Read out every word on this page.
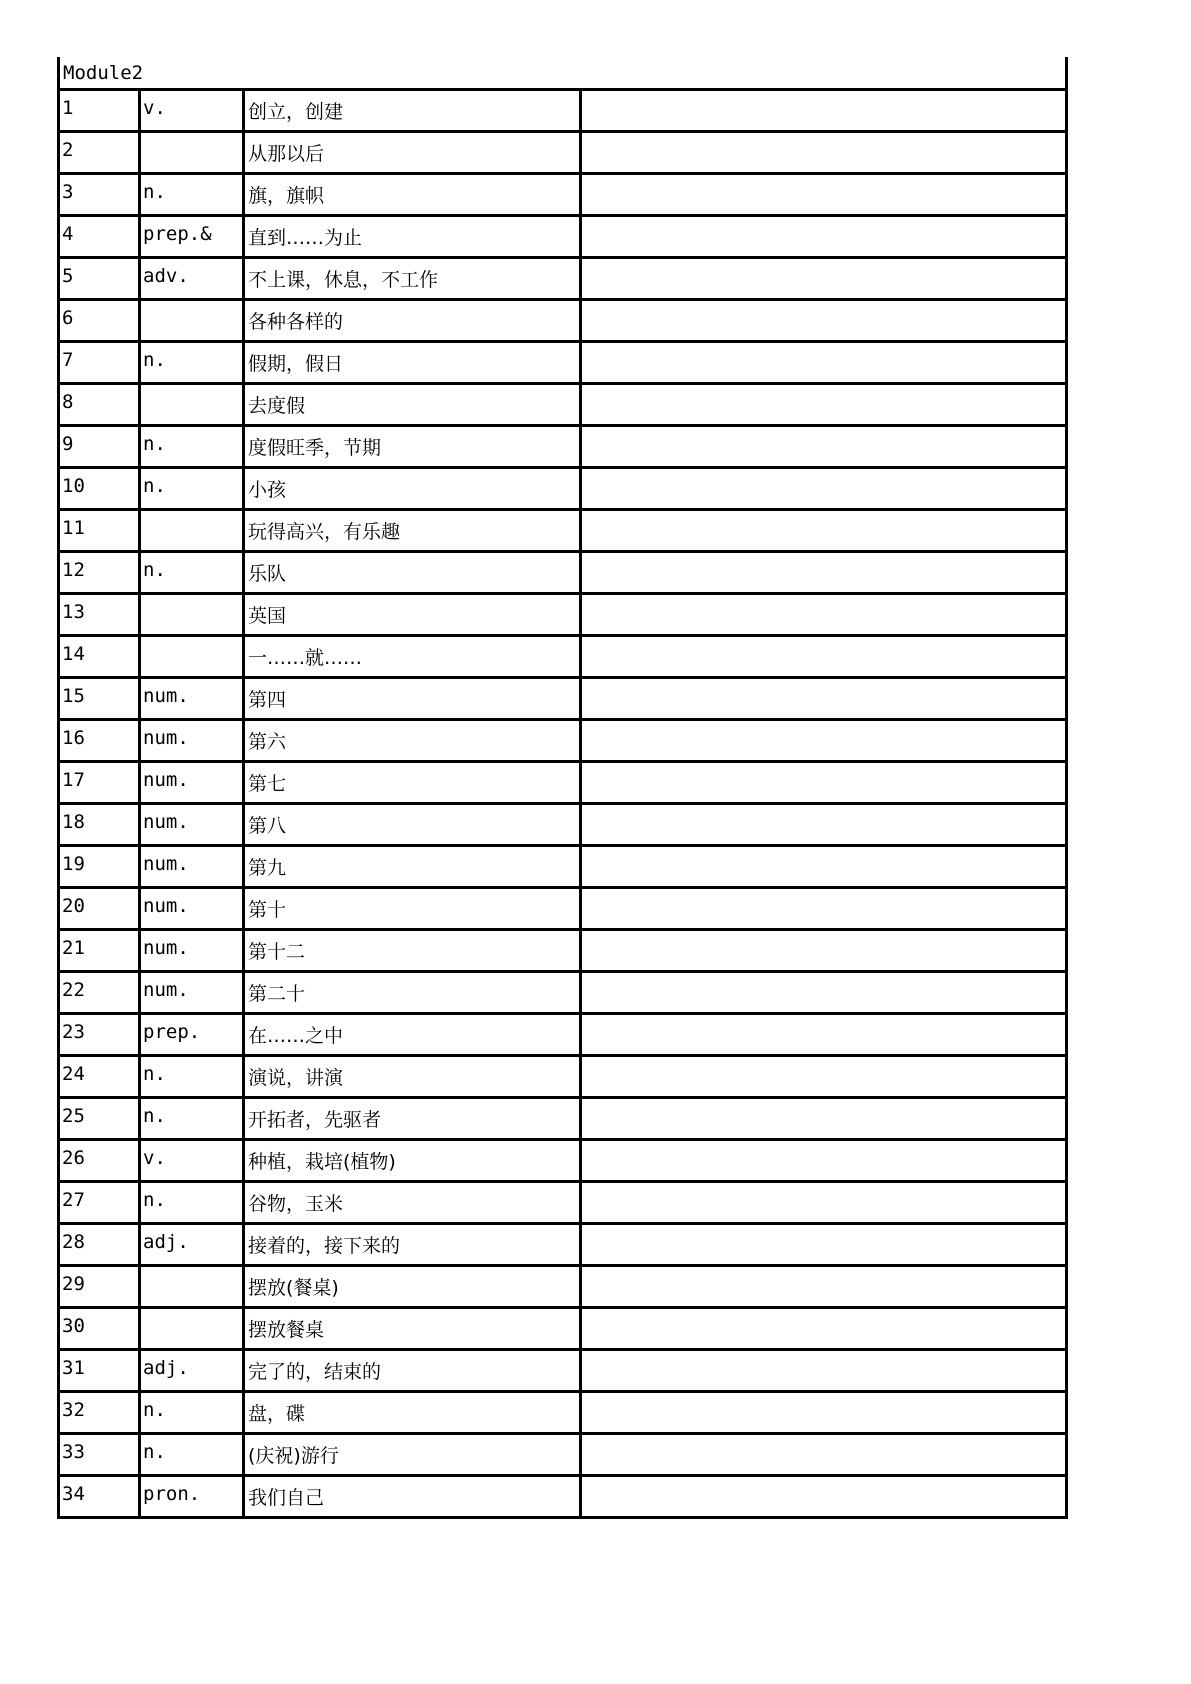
Module2
1	v.	创立，创建	

2		从那以后	

3	n.	旗，旗帜	

4	prep.&	直到……为止	

5	adv.	不上课，休息，不工作	

6		各种各样的	

7	n.	假期，假日	

8		去度假	

9	n.	度假旺季，节期	

10	n.	小孩	

11		玩得高兴，有乐趣	

12	n.	乐队	

13		英国	

14		一……就……	

15	num.	第四	

16	num.	第六	

17	num.	第七	

18	num.	第八	

19	num.	第九	

20	num.	第十	

21	num.	第十二	

22	num.	第二十	

23	prep.	在……之中	

24	n.	演说，讲演	

25	n.	开拓者，先驱者	

26	v.	种植，栽培(植物)	

27	n.	谷物，玉米	

28	adj.	接着的，接下来的	

29		摆放(餐桌)	

30		摆放餐桌	

31	adj.	完了的，结束的	

32	n.	盘，碟	

33	n.	(庆祝)游行	

34	pron.	我们自己	
